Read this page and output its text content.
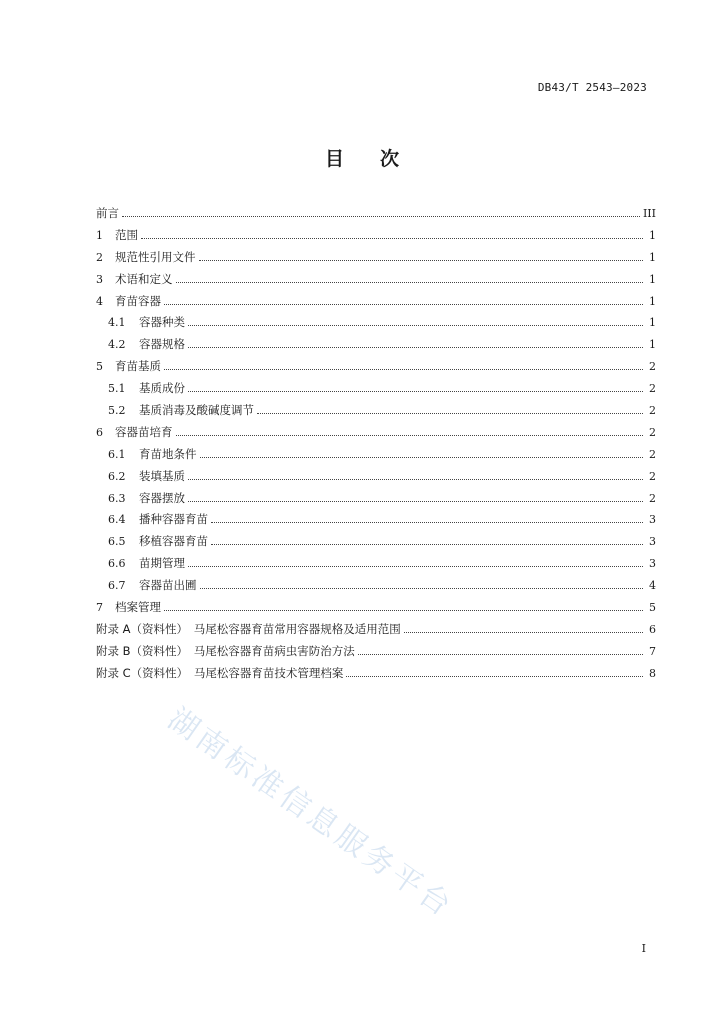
DB43/T 2543—2023
目次
前言	III
1	范围	1
2	规范性引用文件	1
3	术语和定义	1
4	育苗容器	1
4.1	容器种类	1
4.2	容器规格	1
5	育苗基质	2
5.1	基质成份	2
5.2	基质消毒及酸碱度调节	2
6	容器苗培育	2
6.1	育苗地条件	2
6.2	装填基质	2
6.3	容器摆放	2
6.4	播种容器育苗	3
6.5	移植容器育苗	3
6.6	苗期管理	3
6.7	容器苗出圃	4
7	档案管理	5
附录 A（资料性）　马尾松容器育苗常用容器规格及适用范围	6
附录 B（资料性）　马尾松容器育苗病虫害防治方法	7
附录 C（资料性）　马尾松容器育苗技术管理档案	8
湖南标准信息服务平台
I
